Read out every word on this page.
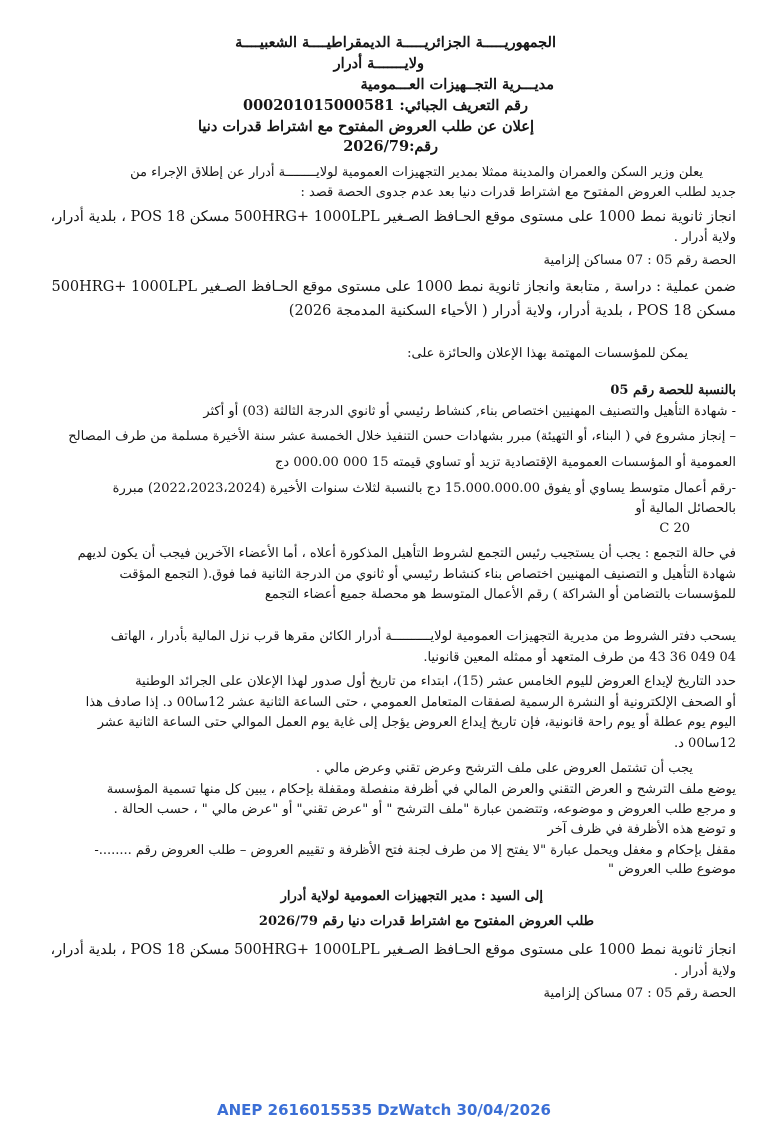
الجمهوريـــــة الجزائريـــــة الديمقراطيــــة الشعبيــــة
ولايـــــــة أدرار
مديـــرية التجــهيزات العـــمومية
رقم التعريف الجبائي: 000201015000581
إعلان عن طلب العروض المفتوح مع اشتراط قدرات دنيا
رقم:2026/79
يعلن وزير السكن والعمران والمدينة ممثلا بمدير التجهيزات العمومية لولايــــــــة أدرار عن إطلاق الإجراء من
جديد لطلب العروض المفتوح مع اشتراط قدرات دنيا بعد عدم جدوى الحصة قصد :
انجاز ثانوية نمط 1000 على مستوى موقع الحـافظ الصـغير 500HRG+ 1000LPL مسكن POS 18 ، بلدية أدرار،
ولاية أدرار .
الحصة رقم 05 : 07 مساكن إلزامية
ضمن عملية : دراسة , متابعة وانجاز ثانوية نمط 1000 على مستوى موقع الحـافظ الصـغير 500HRG+ 1000LPL
مسكن POS 18 ، بلدية أدرار، ولاية أدرار ( الأحياء السكنية المدمجة 2026)
يمكن للمؤسسات المهتمة بهذا الإعلان والحائزة على:
بالنسبة للحصة رقم 05
- شهادة التأهيل والتصنيف المهنيين اختصاص بناء, كنشاط رئيسي أو ثانوي الدرجة الثالثة (03) أو أكثر
– إنجاز مشروع في ( البناء، أو التهيئة) مبرر بشهادات حسن التنفيذ خلال الخمسة عشر سنة الأخيرة مسلمة من طرف المصالح
العمومية أو المؤسسات العمومية الإقتصادية تزيد أو تساوي قيمته 15 000 000.00 دج
-رقم أعمال متوسط يساوي أو يفوق 15.000.000.00 دج بالنسبة لثلاث سنوات الأخيرة (2022،2023،2024) مبررة
بالحصائل المالية أو
C 20
في حالة التجمع : يجب أن يستجيب رئيس التجمع لشروط التأهيل المذكورة أعلاه ، أما الأعضاء الآخرين فيجب أن يكون لديهم
شهادة التأهيل و التصنيف المهنيين اختصاص بناء كنشاط رئيسي أو ثانوي من الدرجة الثانية فما فوق.( التجمع المؤقت
للمؤسسات بالتضامن أو الشراكة ) رقم الأعمال المتوسط هو محصلة جميع أعضاء التجمع
يسحب دفتر الشروط من مديرية التجهيزات العمومية لولايــــــــــة أدرار الكائن مقرها قرب نزل المالية بأدرار ، الهاتف
04 049 36 43 من طرف المتعهد أو ممثله المعين قانونيا.
حدد التاريخ لإيداع العروض لليوم الخامس عشر (15)، ابتداء من تاريخ أول صدور لهذا الإعلان على الجرائد الوطنية
أو الصحف الإلكترونية أو النشرة الرسمية لصفقات المتعامل العمومي ، حتى الساعة الثانية عشر 12سا00 د. إذا صادف هذا
اليوم يوم عطلة أو يوم راحة قانونية، فإن تاريخ إيداع العروض يؤجل إلى غاية يوم العمل الموالي حتى الساعة الثانية عشر
12سا00 د.
يجب أن تشتمل العروض على ملف الترشح وعرض تقني وعرض مالي .
يوضع ملف الترشح و العرض التقني والعرض المالي في أظرفة منفصلة ومقفلة بإحكام ، يبين كل منها تسمية المؤسسة
و مرجع طلب العروض و موضوعه، وتتضمن عبارة "ملف الترشح " أو "عرض تقني" أو "عرض مالي " ، حسب الحالة .
و توضع هذه الأظرفة في ظرف آخر
مقفل بإحكام و مغفل ويحمل عبارة "لا يفتح إلا من طرف لجنة فتح الأظرفة و تقييم العروض – طلب العروض رقم ........-
موضوع طلب العروض "
إلى السيد : مدير التجهيزات العمومية لولاية أدرار
طلب العروض المفتوح مع اشتراط قدرات دنيا رقم 2026/79
انجاز ثانوية نمط 1000 على مستوى موقع الحـافظ الصـغير 500HRG+ 1000LPL مسكن POS 18 ، بلدية أدرار،
ولاية أدرار .
الحصة رقم 05 : 07 مساكن إلزامية
ANEP 2616015535 DzWatch 30/04/2026
